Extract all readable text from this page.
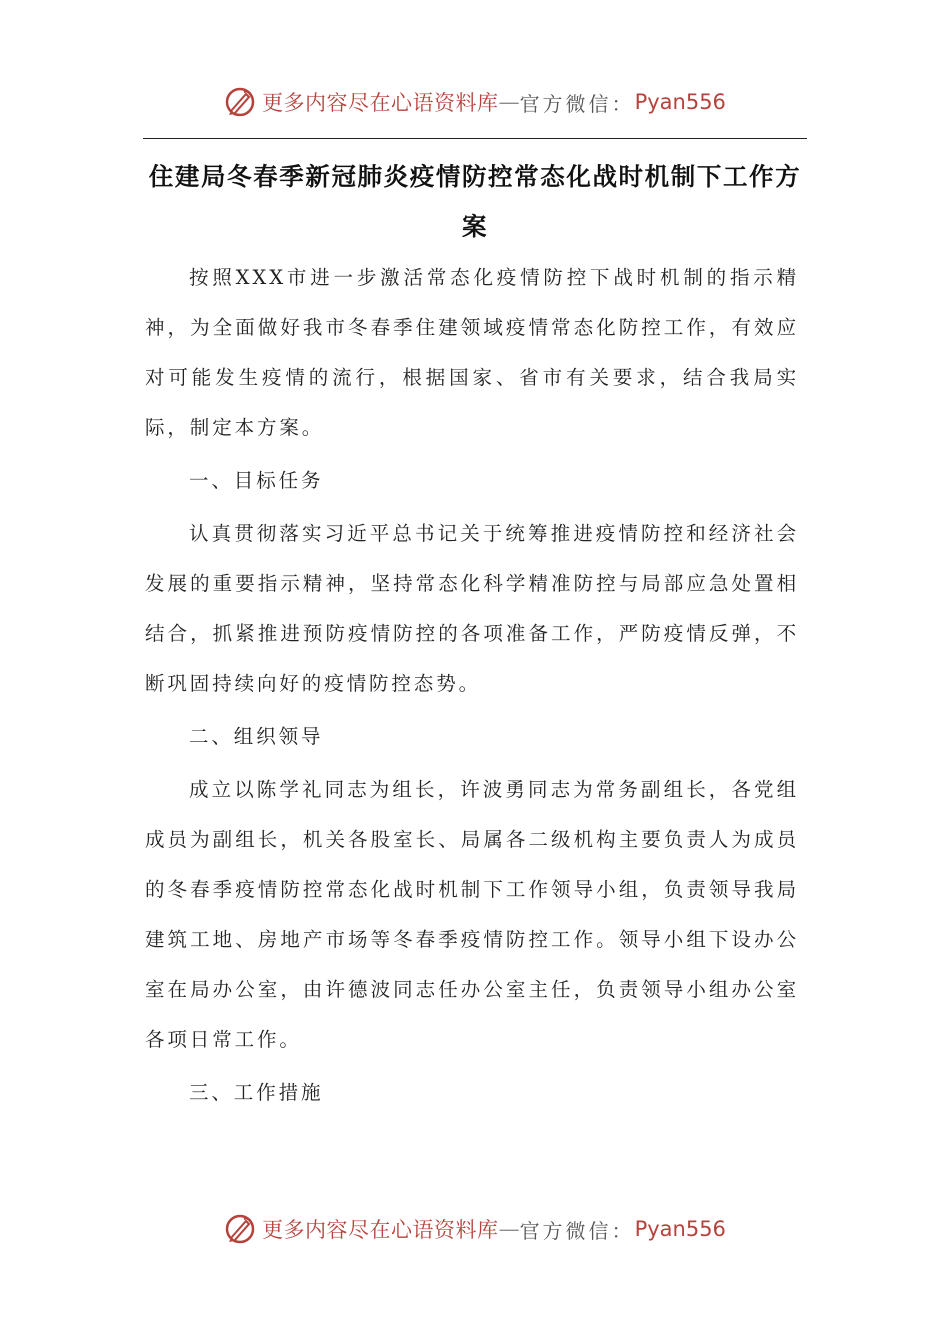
更多内容尽在心语资料库 — 官方微信： Pyan556
住建局冬春季新冠肺炎疫情防控常态化战时机制下工作方案

按照XXX市进一步激活常态化疫情防控下战时机制的指示精神，为全面做好我市冬春季住建领域疫情常态化防控工作，有效应对可能发生疫情的流行，根据国家、省市有关要求，结合我局实际，制定本方案。

一、目标任务

认真贯彻落实习近平总书记关于统筹推进疫情防控和经济社会发展的重要指示精神，坚持常态化科学精准防控与局部应急处置相结合，抓紧推进预防疫情防控的各项准备工作，严防疫情反弹，不断巩固持续向好的疫情防控态势。

二、组织领导

成立以陈学礼同志为组长，许波勇同志为常务副组长，各党组成员为副组长，机关各股室长、局属各二级机构主要负责人为成员的冬春季疫情防控常态化战时机制下工作领导小组，负责领导我局建筑工地、房地产市场等冬春季疫情防控工作。领导小组下设办公室在局办公室，由许德波同志任办公室主任，负责领导小组办公室各项日常工作。

三、工作措施

更多内容尽在心语资料库 — 官方微信： Pyan556
